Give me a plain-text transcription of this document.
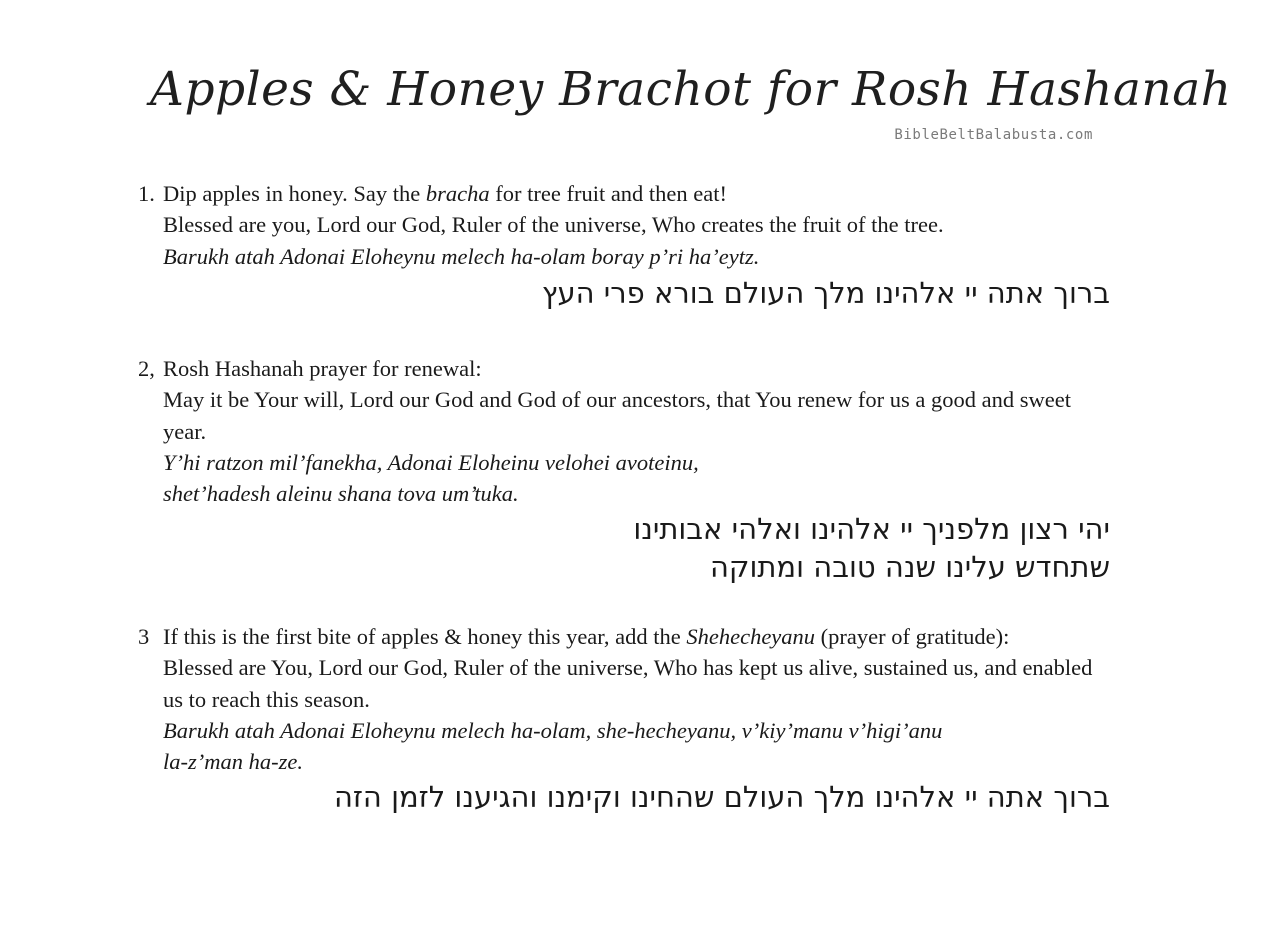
Apples & Honey Brachot for Rosh Hashanah
BibleBeltBalabusta.com
1. Dip apples in honey. Say the bracha for tree fruit and then eat!
Blessed are you, Lord our God, Ruler of the universe, Who creates the fruit of the tree.
Barukh atah Adonai Eloheynu melech ha-olam boray p’ri ha’eytz.
ברוך אתה יי אלהינו מלך העולם בורא פרי העץ
2, Rosh Hashanah prayer for renewal:
May it be Your will, Lord our God and God of our ancestors, that You renew for us a good and sweet year.
Y’hi ratzon mil’fanekha, Adonai Eloheinu velohei avoteinu,
shet’hadesh aleinu shana tova um’tuka.
יהי רצון מלפניך יי אלהינו ואלהי אבותינו
שתחדש עלינו שנה טובה ומתוקה
3 If this is the first bite of apples & honey this year, add the Shehecheyanu (prayer of gratitude):
Blessed are You, Lord our God, Ruler of the universe, Who has kept us alive, sustained us, and enabled us to reach this season.
Barukh atah Adonai Eloheynu melech ha-olam, she-hecheyanu, v’kiy’manu v’higi’anu
la-z’man ha-ze.
ברוך אתה יי אלהינו מלך העולם שהחינו וקימנו והגיענו לזמן הזה
